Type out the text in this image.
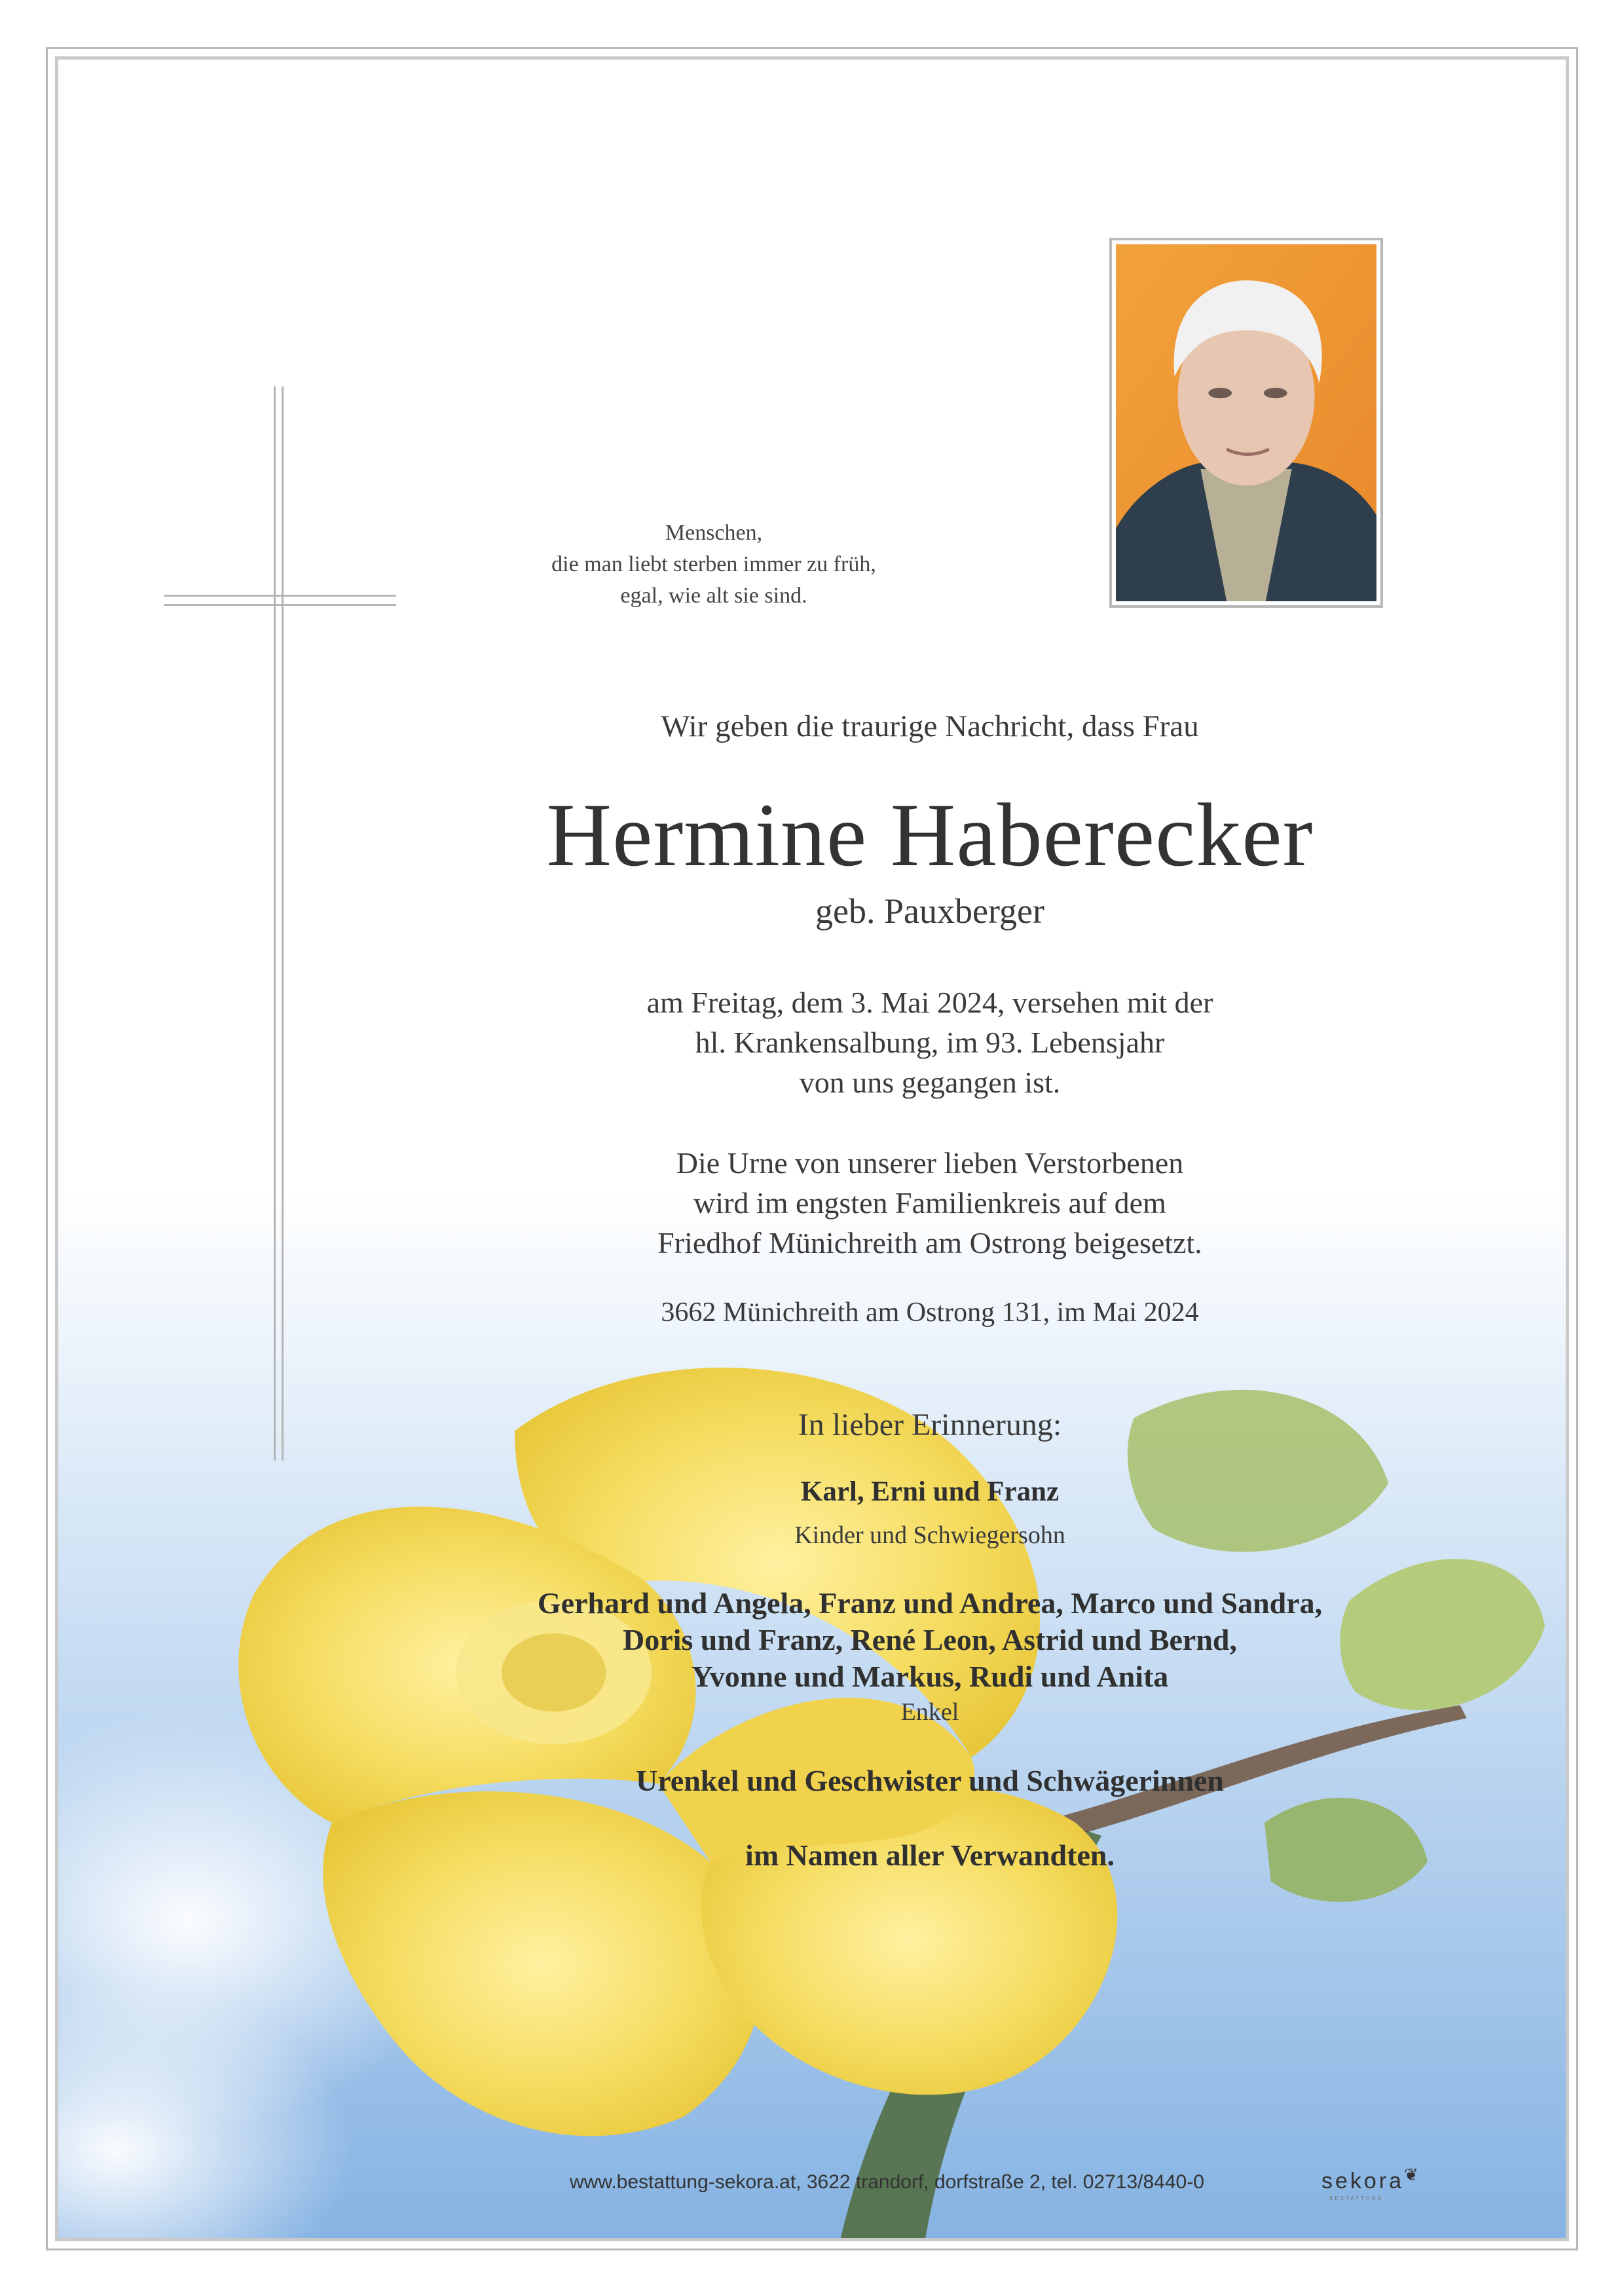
Menschen,
die man liebt sterben immer zu früh,
egal, wie alt sie sind.
Wir geben die traurige Nachricht, dass Frau
Hermine Haberecker
geb. Pauxberger
am Freitag, dem 3. Mai 2024, versehen mit der
hl. Krankensalbung, im 93. Lebensjahr
von uns gegangen ist.
Die Urne von unserer lieben Verstorbenen
wird im engsten Familienkreis auf dem
Friedhof Münichreith am Ostrong beigesetzt.
3662 Münichreith am Ostrong 131, im Mai 2024
In lieber Erinnerung:
Karl, Erni und Franz
Kinder und Schwiegersohn
Gerhard und Angela, Franz und Andrea, Marco und Sandra,
Doris und Franz, René Leon, Astrid und Bernd,
Yvonne und Markus, Rudi und Anita
Enkel
Urenkel und Geschwister und Schwägerinnen
im Namen aller Verwandten.
www.bestattung-sekora.at, 3622 trandorf, dorfstraße 2, tel. 02713/8440-0	sekora❦
BESTATTUNG
